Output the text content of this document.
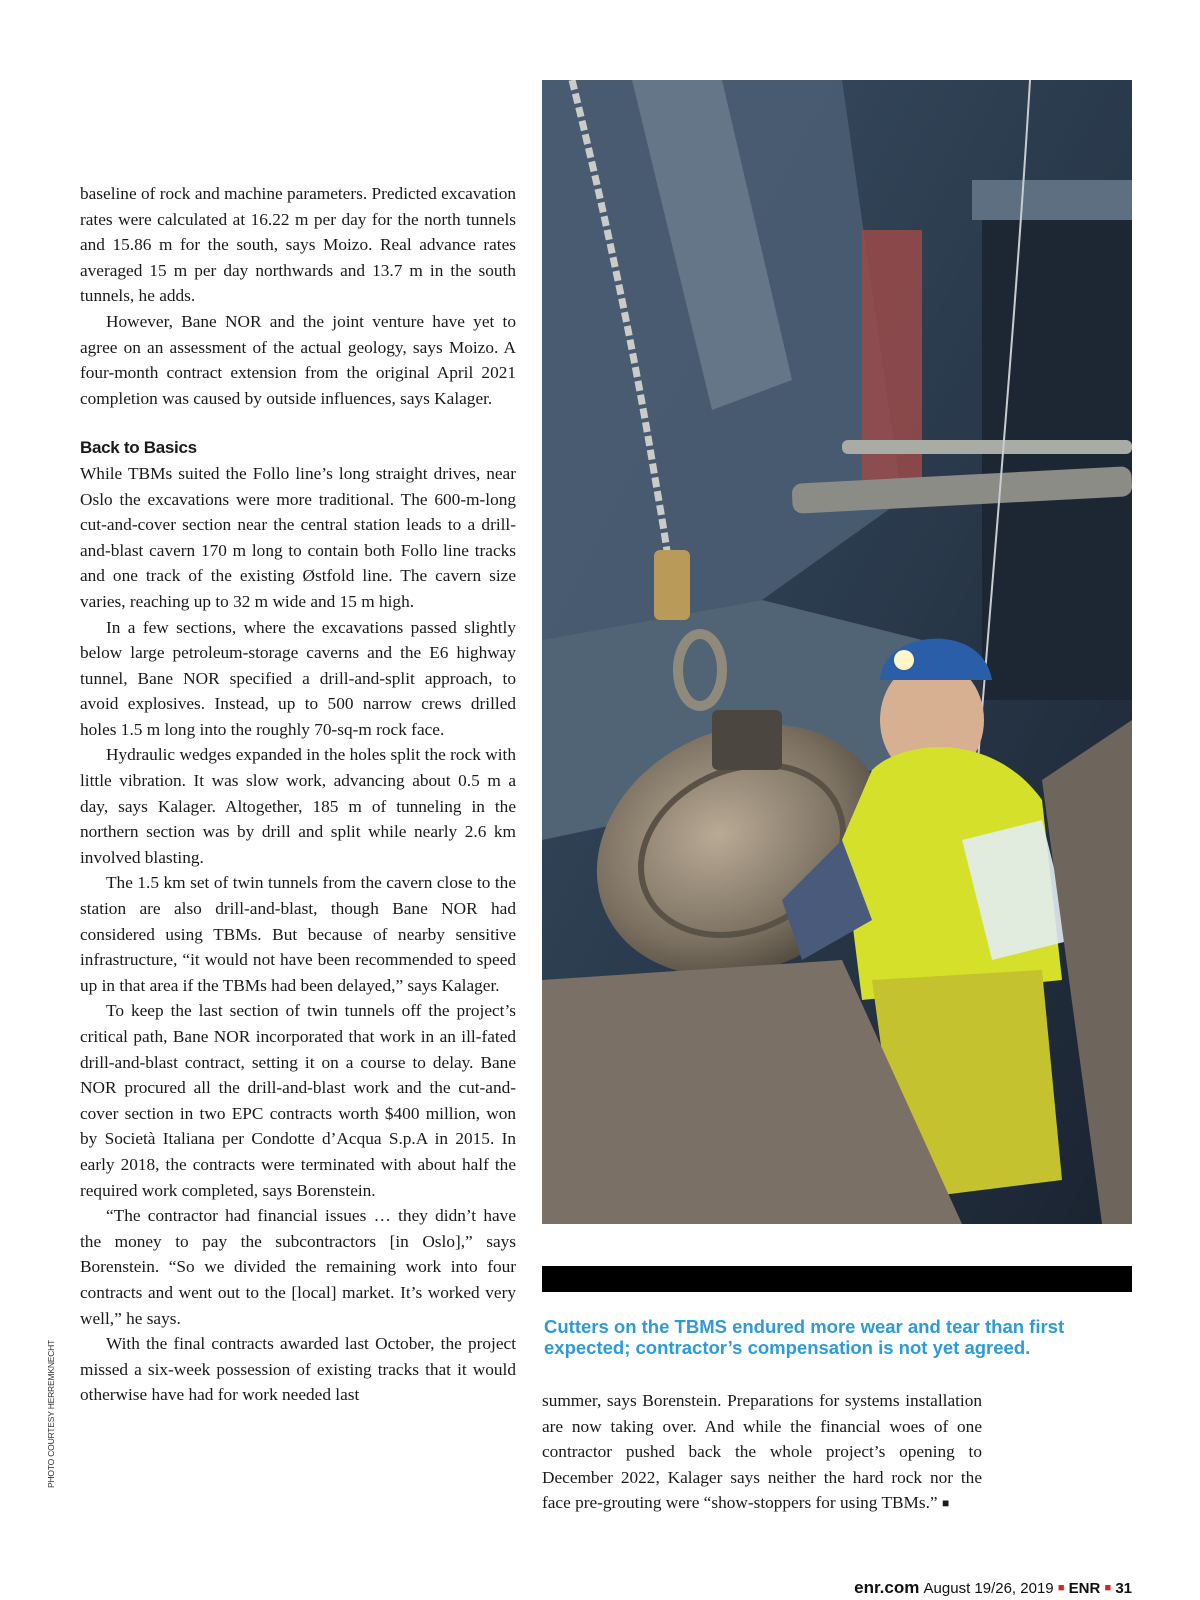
baseline of rock and machine parameters. Predicted excavation rates were calculated at 16.22 m per day for the north tunnels and 15.86 m for the south, says Moizo. Real advance rates averaged 15 m per day northwards and 13.7 m in the south tunnels, he adds.

However, Bane NOR and the joint venture have yet to agree on an assessment of the actual geology, says Moizo. A four-month contract extension from the original April 2021 completion was caused by outside influences, says Kalager.

Back to Basics

While TBMs suited the Follo line’s long straight drives, near Oslo the excavations were more traditional. The 600-m-long cut-and-cover section near the central station leads to a drill-and-blast cavern 170 m long to contain both Follo line tracks and one track of the existing Østfold line. The cavern size varies, reaching up to 32 m wide and 15 m high.

In a few sections, where the excavations passed slightly below large petroleum-storage caverns and the E6 highway tunnel, Bane NOR specified a drill-and-split approach, to avoid explosives. Instead, up to 500 narrow crews drilled holes 1.5 m long into the roughly 70-sq-m rock face.

Hydraulic wedges expanded in the holes split the rock with little vibration. It was slow work, advancing about 0.5 m a day, says Kalager. Altogether, 185 m of tunneling in the northern section was by drill and split while nearly 2.6 km involved blasting.

The 1.5 km set of twin tunnels from the cavern close to the station are also drill-and-blast, though Bane NOR had considered using TBMs. But because of nearby sensitive infrastructure, “it would not have been recommended to speed up in that area if the TBMs had been delayed,” says Kalager.

To keep the last section of twin tunnels off the project’s critical path, Bane NOR incorporated that work in an ill-fated drill-and-blast contract, setting it on a course to delay. Bane NOR procured all the drill-and-blast work and the cut-and-cover section in two EPC contracts worth $400 million, won by Società Italiana per Condotte d’Acqua S.p.A in 2015. In early 2018, the contracts were terminated with about half the required work completed, says Borenstein.

“The contractor had financial issues … they didn’t have the money to pay the subcontractors [in Oslo],” says Borenstein. “So we divided the remaining work into four contracts and went out to the [local] market. It’s worked very well,” he says.

With the final contracts awarded last October, the project missed a six-week possession of existing tracks that it would otherwise have had for work needed last

Cutters on the TBMS endured more wear and tear than first expected; contractor’s compensation is not yet agreed.

summer, says Borenstein. Preparations for systems installation are now taking over. And while the financial woes of one contractor pushed back the whole project’s opening to December 2022, Kalager says neither the hard rock nor the face pre-grouting were “show-stoppers for using TBMs.” ■

PHOTO COURTESY HERREMKNECHT
enr.com August 19/26, 2019 ■ ENR ■ 31
